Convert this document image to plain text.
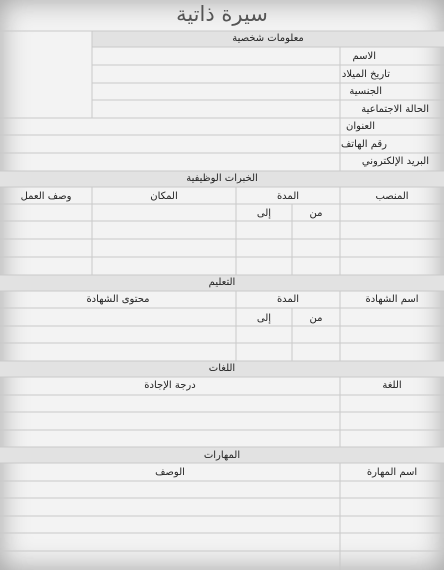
سيرة ذاتية
معلومات شخصية
الاسم
تاريخ الميلاد
الجنسية
الحالة الاجتماعية
العنوان
رقم الهاتف
البريد الإلكتروني
الخبرات الوظيفية
المنصب
المدة
المكان
وصف العمل
من
إلى
التعليم
اسم الشهادة
المدة
محتوى الشهادة
من
إلى
اللغات
اللغة
درجة الإجادة
المهارات
اسم المهارة
الوصف
